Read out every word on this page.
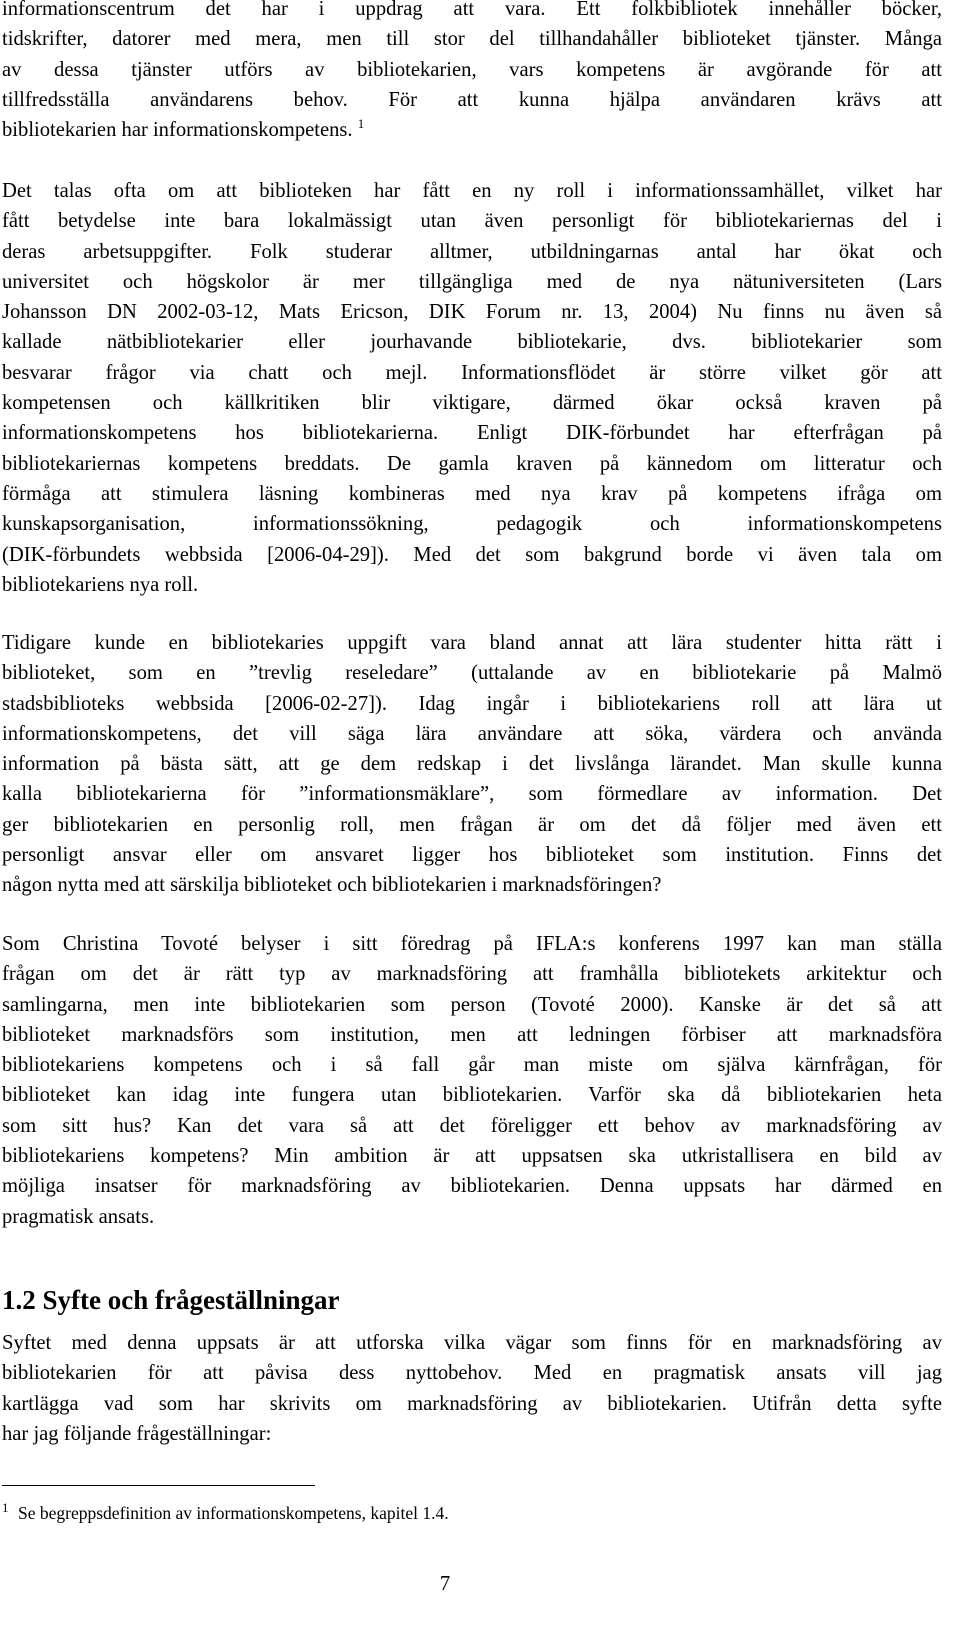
informationscentrum det har i uppdrag att vara. Ett folkbibliotek innehåller böcker,
tidskrifter, datorer med mera, men till stor del tillhandahåller biblioteket tjänster. Många
av dessa tjänster utförs av bibliotekarien, vars kompetens är avgörande för att
tillfredsställa användarens behov. För att kunna hjälpa användaren krävs att
bibliotekarien har informationskompetens. $^1$

Det talas ofta om att biblioteken har fått en ny roll i informationssamhället, vilket har
fått betydelse inte bara lokalmässigt utan även personligt för bibliotekariernas del i
deras arbetsuppgifter. Folk studerar alltmer, utbildningarnas antal har ökat och
universitet och högskolor är mer tillgängliga med de nya nätuniversiteten (Lars
Johansson DN 2002-03-12, Mats Ericson, DIK Forum nr. 13, 2004) Nu finns nu även så
kallade nätbibliotekarier eller jourhavande bibliotekarie, dvs. bibliotekarier som
besvarar frågor via chatt och mejl. Informationsflödet är större vilket gör att
kompetensen och källkritiken blir viktigare, därmed ökar också kraven på
informationskompetens hos bibliotekarierna. Enligt DIK-förbundet har efterfrågan på
bibliotekariernas kompetens breddats. De gamla kraven på kännedom om litteratur och
förmåga att stimulera läsning kombineras med nya krav på kompetens ifråga om
kunskapsorganisation, informationssökning, pedagogik och informationskompetens
(DIK-förbundets webbsida [2006-04-29]). Med det som bakgrund borde vi även tala om
bibliotekariens nya roll.

Tidigare kunde en bibliotekaries uppgift vara bland annat att lära studenter hitta rätt i
biblioteket, som en ”trevlig reseledare” (uttalande av en bibliotekarie på Malmö
stadsbiblioteks webbsida [2006-02-27]). Idag ingår i bibliotekariens roll att lära ut
informationskompetens, det vill säga lära användare att söka, värdera och använda
information på bästa sätt, att ge dem redskap i det livslånga lärandet. Man skulle kunna
kalla bibliotekarierna för ”informationsmäklare”, som förmedlare av information. Det
ger bibliotekarien en personlig roll, men frågan är om det då följer med även ett
personligt ansvar eller om ansvaret ligger hos biblioteket som institution. Finns det
någon nytta med att särskilja biblioteket och bibliotekarien i marknadsföringen?

Som Christina Tovoté belyser i sitt föredrag på IFLA:s konferens 1997 kan man ställa
frågan om det är rätt typ av marknadsföring att framhålla bibliotekets arkitektur och
samlingarna, men inte bibliotekarien som person (Tovoté 2000). Kanske är det så att
biblioteket marknadsförs som institution, men att ledningen förbiser att marknadsföra
bibliotekariens kompetens och i så fall går man miste om själva kärnfrågan, för
biblioteket kan idag inte fungera utan bibliotekarien. Varför ska då bibliotekarien heta
som sitt hus? Kan det vara så att det föreligger ett behov av marknadsföring av
bibliotekariens kompetens? Min ambition är att uppsatsen ska utkristallisera en bild av
möjliga insatser för marknadsföring av bibliotekarien. Denna uppsats har därmed en
pragmatisk ansats.

1.2 Syfte och frågeställningar

Syftet med denna uppsats är att utforska vilka vägar som finns för en marknadsföring av
bibliotekarien för att påvisa dess nyttobehov. Med en pragmatisk ansats vill jag
kartlägga vad som har skrivits om marknadsföring av bibliotekarien. Utifrån detta syfte
har jag följande frågeställningar:

1 Se begreppsdefinition av informationskompetens, kapitel 1.4.
7
